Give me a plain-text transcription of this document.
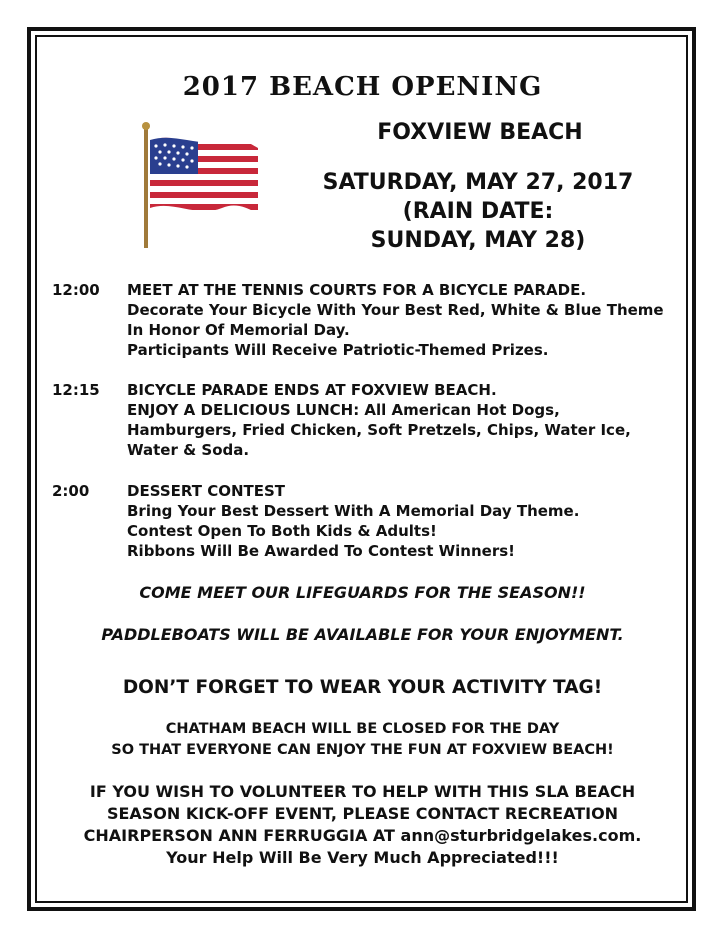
2017 BEACH OPENING
FOXVIEW BEACH
SATURDAY, MAY 27, 2017
(RAIN DATE:
SUNDAY, MAY 28)
12:00	MEET AT THE TENNIS COURTS FOR A BICYCLE PARADE.
Decorate Your Bicycle With Your Best Red, White & Blue Theme
In Honor Of Memorial Day.
Participants Will Receive Patriotic-Themed Prizes.
12:15	BICYCLE PARADE ENDS AT FOXVIEW BEACH.
ENJOY A DELICIOUS LUNCH: All American Hot Dogs,
Hamburgers, Fried Chicken, Soft Pretzels, Chips, Water Ice,
Water & Soda.
2:00	DESSERT CONTEST
Bring Your Best Dessert With A Memorial Day Theme.
Contest Open To Both Kids & Adults!
Ribbons Will Be Awarded To Contest Winners!
COME MEET OUR LIFEGUARDS FOR THE SEASON!!
PADDLEBOATS WILL BE AVAILABLE FOR YOUR ENJOYMENT.
DON’T FORGET TO WEAR YOUR ACTIVITY TAG!
CHATHAM BEACH WILL BE CLOSED FOR THE DAY
SO THAT EVERYONE CAN ENJOY THE FUN AT FOXVIEW BEACH!
IF YOU WISH TO VOLUNTEER TO HELP WITH THIS SLA BEACH
SEASON KICK-OFF EVENT, PLEASE CONTACT RECREATION
CHAIRPERSON ANN FERRUGGIA AT ann@sturbridgelakes.com.
Your Help Will Be Very Much Appreciated!!!
